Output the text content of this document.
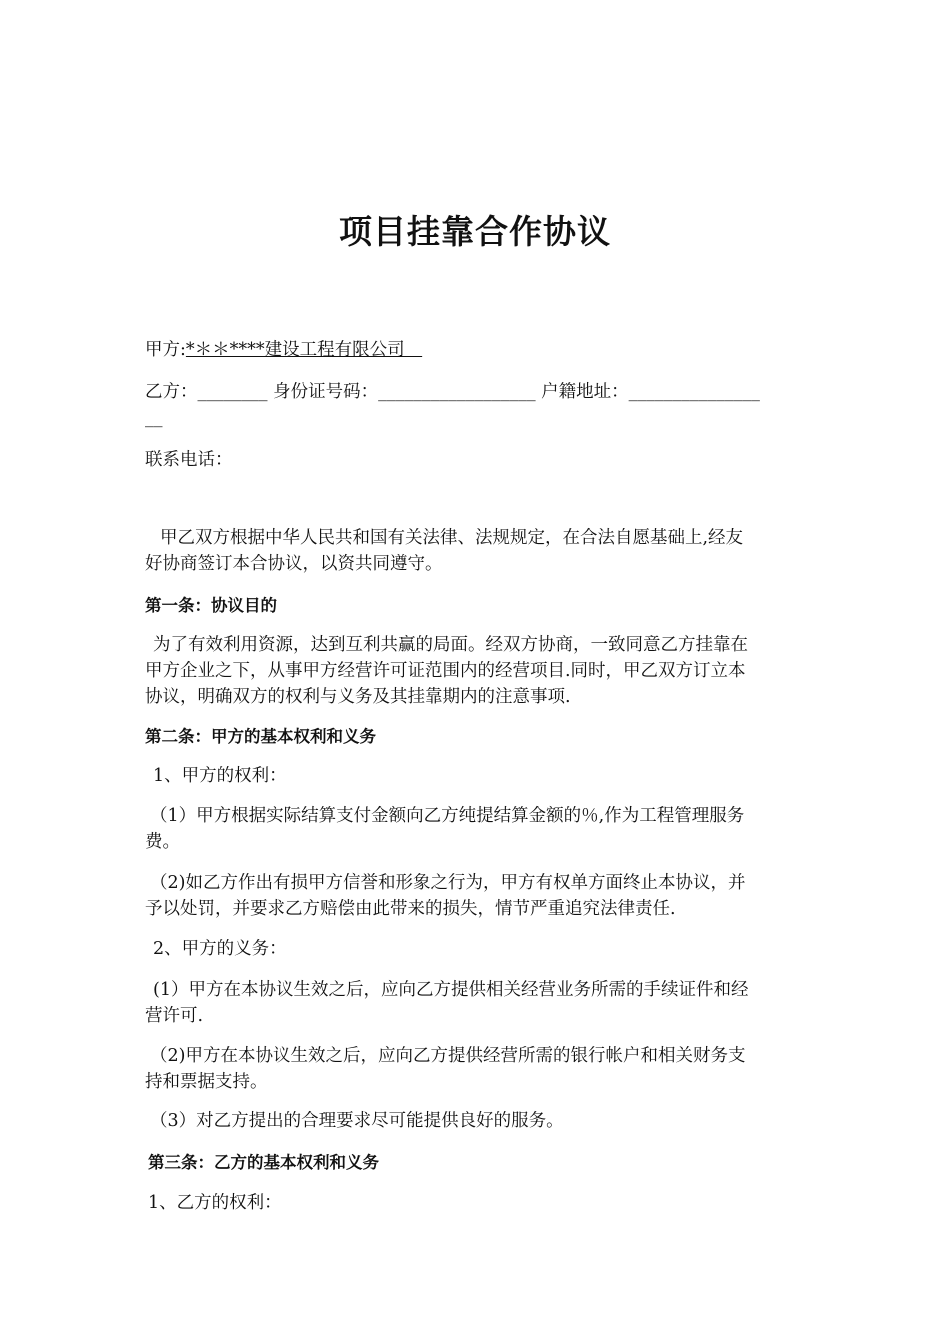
项目挂靠合作协议
甲方:*＊＊****建设工程有限公司　
乙方：________ 身份证号码：__________________ 户籍地址：_______________
__
联系电话：
甲乙双方根据中华人民共和国有关法律、法规规定，在合法自愿基础上,经友
好协商签订本合协议，以资共同遵守。
第一条：协议目的
为了有效利用资源，达到互利共赢的局面。经双方协商，一致同意乙方挂靠在
甲方企业之下，从事甲方经营许可证范围内的经营项目.同时，甲乙双方订立本
协议，明确双方的权利与义务及其挂靠期内的注意事项.
第二条：甲方的基本权利和义务
1、甲方的权利：
（1）甲方根据实际结算支付金额向乙方纯提结算金额的％,作为工程管理服务
费。
（2)如乙方作出有损甲方信誉和形象之行为，甲方有权单方面终止本协议，并
予以处罚，并要求乙方赔偿由此带来的损失，情节严重追究法律责任.
2、甲方的义务：
(1）甲方在本协议生效之后，应向乙方提供相关经营业务所需的手续证件和经
营许可.
（2)甲方在本协议生效之后，应向乙方提供经营所需的银行帐户和相关财务支
持和票据支持。
（3）对乙方提出的合理要求尽可能提供良好的服务。
第三条：乙方的基本权利和义务
1、乙方的权利：
